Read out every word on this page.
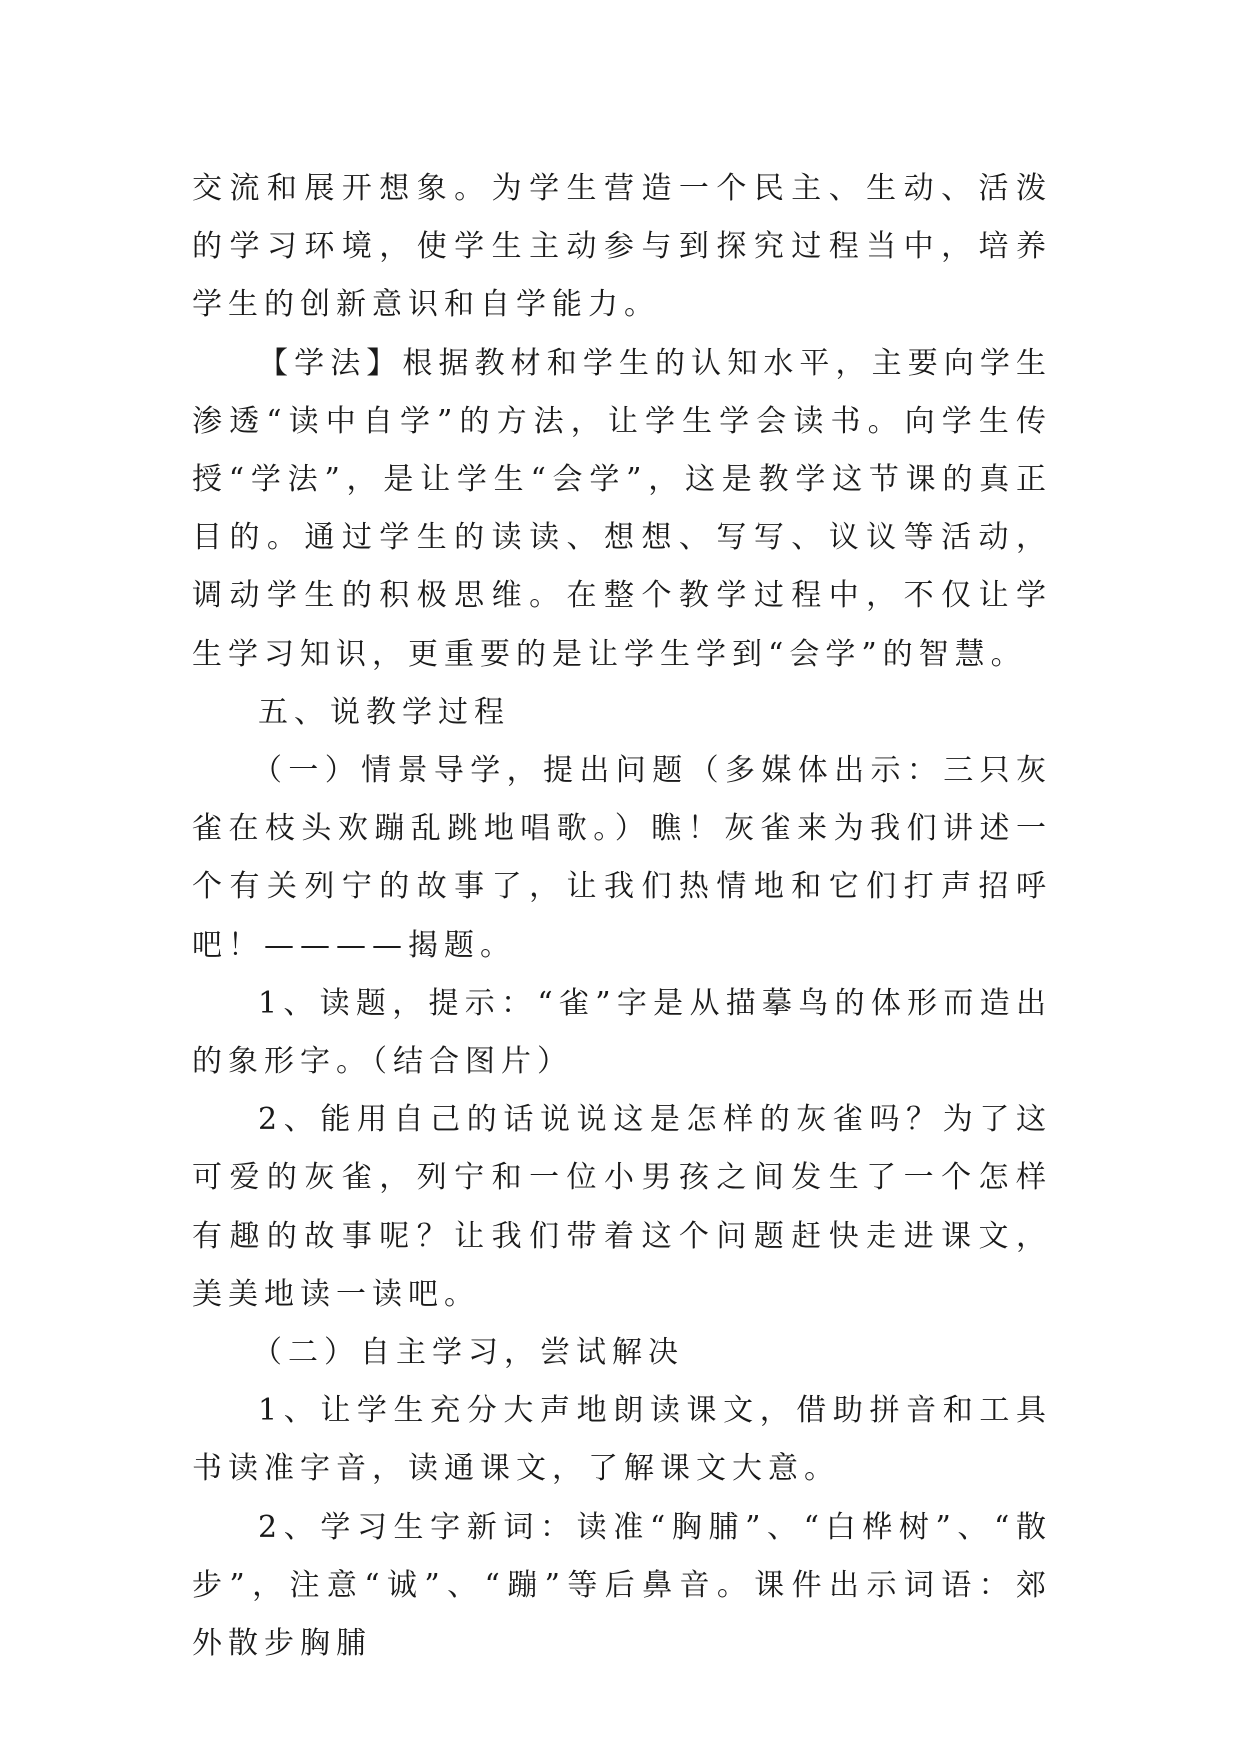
交流和展开想象。为学生营造一个民主、生动、活泼的学习环境，使学生主动参与到探究过程当中，培养学生的创新意识和自学能力。

【学法】根据教材和学生的认知水平，主要向学生渗透“读中自学”的方法，让学生学会读书。向学生传授“学法”，是让学生“会学”，这是教学这节课的真正目的。通过学生的读读、想想、写写、议议等活动，调动学生的积极思维。在整个教学过程中，不仅让学生学习知识，更重要的是让学生学到“会学”的智慧。

五、说教学过程

（一）情景导学，提出问题（多媒体出示：三只灰雀在枝头欢蹦乱跳地唱歌。）瞧！灰雀来为我们讲述一个有关列宁的故事了，让我们热情地和它们打声招呼吧！————揭题。

1、读题，提示：“雀”字是从描摹鸟的体形而造出的象形字。（结合图片）

2、能用自己的话说说这是怎样的灰雀吗？为了这可爱的灰雀，列宁和一位小男孩之间发生了一个怎样有趣的故事呢？让我们带着这个问题赶快走进课文，美美地读一读吧。

（二）自主学习，尝试解决

1、让学生充分大声地朗读课文，借助拼音和工具书读准字音，读通课文，了解课文大意。

2、学习生字新词：读准“胸脯”、“白桦树”、“散步”，注意“诚”、“蹦”等后鼻音。课件出示词语：郊外散步胸脯
